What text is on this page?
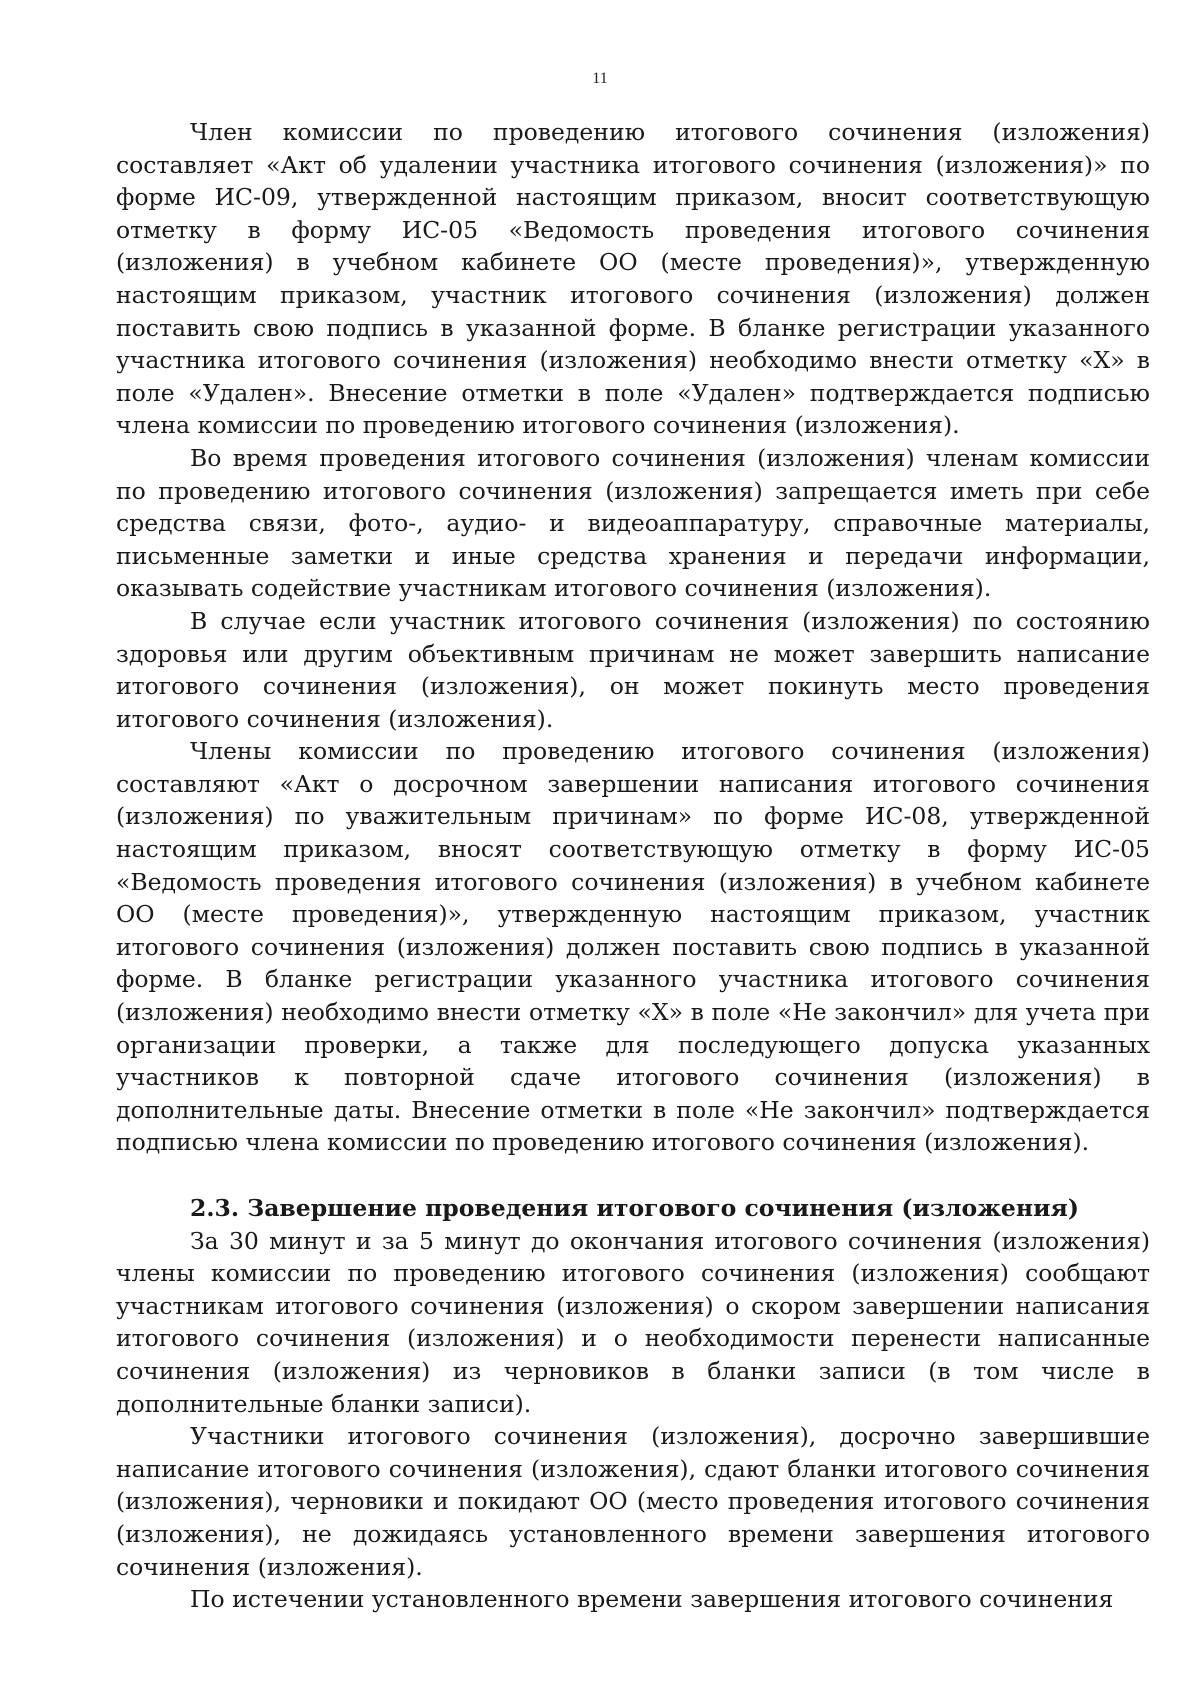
11

Член комиссии по проведению итогового сочинения (изложения) составляет «Акт об удалении участника итогового сочинения (изложения)» по форме ИС-09, утвержденной настоящим приказом, вносит соответствующую отметку в форму ИС-05 «Ведомость проведения итогового сочинения (изложения) в учебном кабинете ОО (месте проведения)», утвержденную настоящим приказом, участник итогового сочинения (изложения) должен поставить свою подпись в указанной форме. В бланке регистрации указанного участника итогового сочинения (изложения) необходимо внести отметку «X» в поле «Удален». Внесение отметки в поле «Удален» подтверждается подписью члена комиссии по проведению итогового сочинения (изложения).

Во время проведения итогового сочинения (изложения) членам комиссии по проведению итогового сочинения (изложения) запрещается иметь при себе средства связи, фото-, аудио- и видеоаппаратуру, справочные материалы, письменные заметки и иные средства хранения и передачи информации, оказывать содействие участникам итогового сочинения (изложения).

В случае если участник итогового сочинения (изложения) по состоянию здоровья или другим объективным причинам не может завершить написание итогового сочинения (изложения), он может покинуть место проведения итогового сочинения (изложения).

Члены комиссии по проведению итогового сочинения (изложения) составляют «Акт о досрочном завершении написания итогового сочинения (изложения) по уважительным причинам» по форме ИС-08, утвержденной настоящим приказом, вносят соответствующую отметку в форму ИС-05 «Ведомость проведения итогового сочинения (изложения) в учебном кабинете ОО (месте проведения)», утвержденную настоящим приказом, участник итогового сочинения (изложения) должен поставить свою подпись в указанной форме. В бланке регистрации указанного участника итогового сочинения (изложения) необходимо внести отметку «X» в поле «Не закончил» для учета при организации проверки, а также для последующего допуска указанных участников к повторной сдаче итогового сочинения (изложения) в дополнительные даты. Внесение отметки в поле «Не закончил» подтверждается подписью члена комиссии по проведению итогового сочинения (изложения).

2.3. Завершение проведения итогового сочинения (изложения)

За 30 минут и за 5 минут до окончания итогового сочинения (изложения) члены комиссии по проведению итогового сочинения (изложения) сообщают участникам итогового сочинения (изложения) о скором завершении написания итогового сочинения (изложения) и о необходимости перенести написанные сочинения (изложения) из черновиков в бланки записи (в том числе в дополнительные бланки записи).

Участники итогового сочинения (изложения), досрочно завершившие написание итогового сочинения (изложения), сдают бланки итогового сочинения (изложения), черновики и покидают ОО (место проведения итогового сочинения (изложения), не дожидаясь установленного времени завершения итогового сочинения (изложения).

По истечении установленного времени завершения итогового сочинения
